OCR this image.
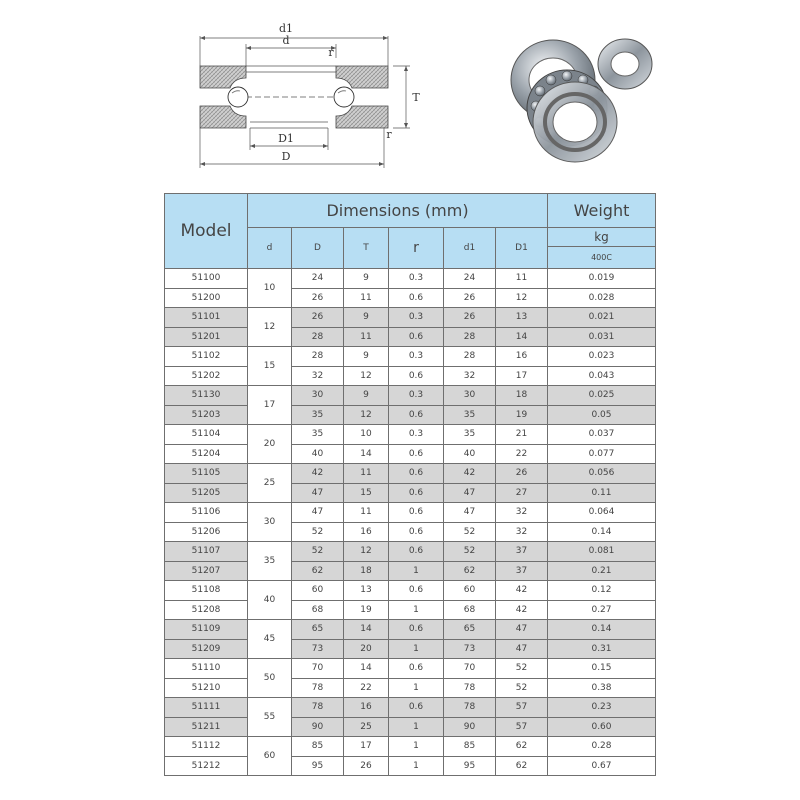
d1
d
r
T
r
D1
D
Model	Dimensions (mm)						Weight
	d	D	T	r	d1	D1	kg
							400C
51100	10	24	9	0.3	24	11	0.019
51200		26	11	0.6	26	12	0.028
51101	12	26	9	0.3	26	13	0.021
51201		28	11	0.6	28	14	0.031
51102	15	28	9	0.3	28	16	0.023
51202		32	12	0.6	32	17	0.043
51130	17	30	9	0.3	30	18	0.025
51203		35	12	0.6	35	19	0.05
51104	20	35	10	0.3	35	21	0.037
51204		40	14	0.6	40	22	0.077
51105	25	42	11	0.6	42	26	0.056
51205		47	15	0.6	47	27	0.11
51106	30	47	11	0.6	47	32	0.064
51206		52	16	0.6	52	32	0.14
51107	35	52	12	0.6	52	37	0.081
51207		62	18	1	62	37	0.21
51108	40	60	13	0.6	60	42	0.12
51208		68	19	1	68	42	0.27
51109	45	65	14	0.6	65	47	0.14
51209		73	20	1	73	47	0.31
51110	50	70	14	0.6	70	52	0.15
51210		78	22	1	78	52	0.38
51111	55	78	16	0.6	78	57	0.23
51211		90	25	1	90	57	0.60
51112	60	85	17	1	85	62	0.28
51212		95	26	1	95	62	0.67
